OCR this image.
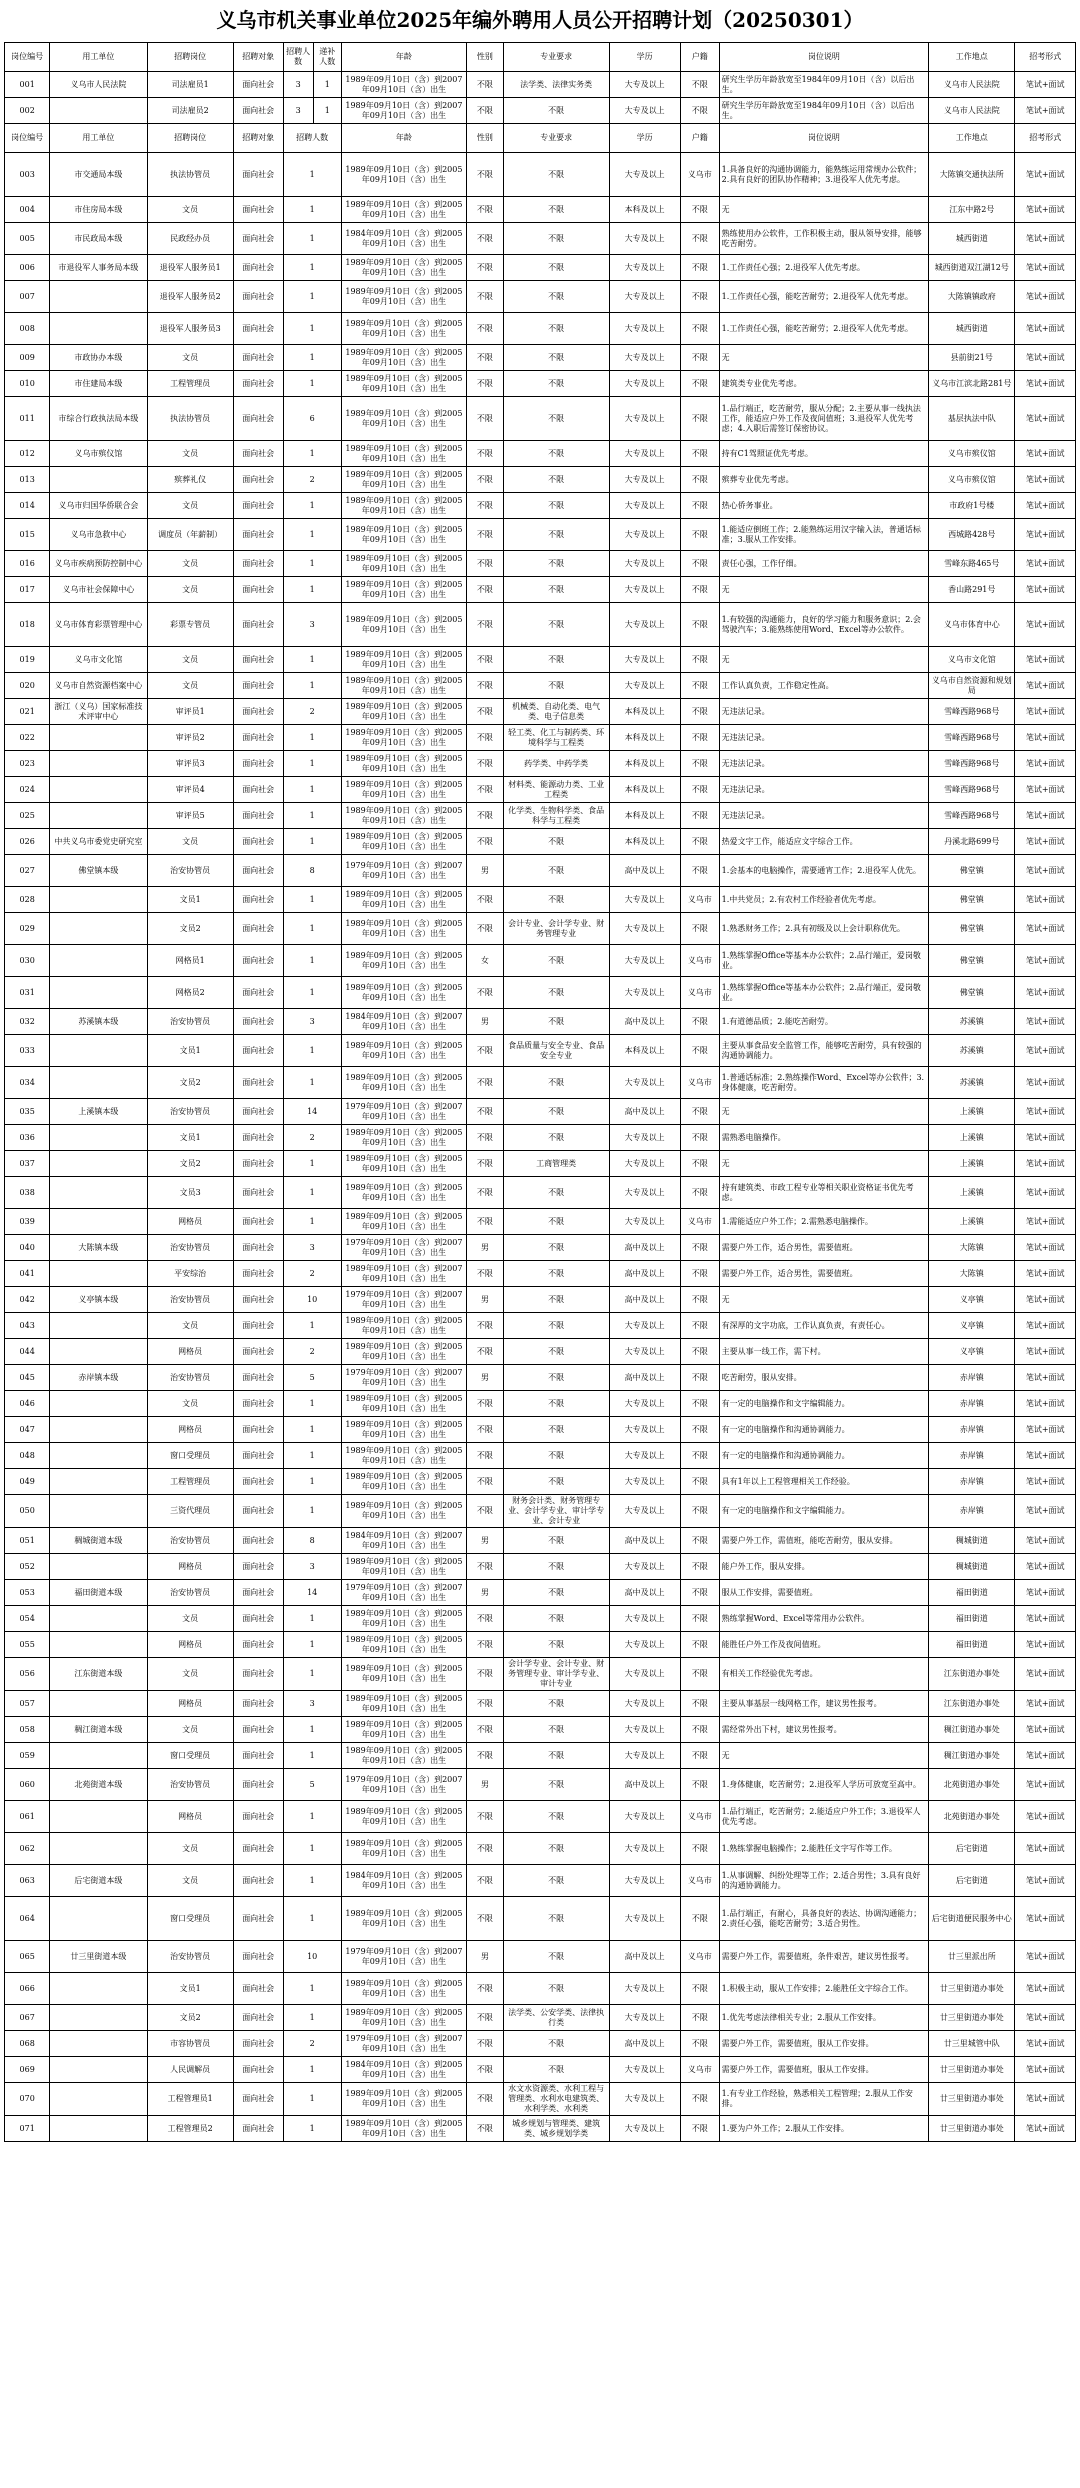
义乌市机关事业单位2025年编外聘用人员公开招聘计划（20250301）
岗位编号	用工单位	招聘岗位	招聘对象	招聘人数	递补人数	年龄	性别	专业要求	学历	户籍	岗位说明	工作地点	招考形式
001	义乌市人民法院	司法雇员1	面向社会	3	1	1989年09月10日（含）到2007年09月10日（含）出生	不限	法学类、法律实务类	大专及以上	不限	研究生学历年龄放宽至1984年09月10日（含）以后出生。	义乌市人民法院	笔试+面试
002		司法雇员2	面向社会	3	1	1989年09月10日（含）到2007年09月10日（含）出生	不限	不限	大专及以上	不限	研究生学历年龄放宽至1984年09月10日（含）以后出生。	义乌市人民法院	笔试+面试
岗位编号	用工单位	招聘岗位	招聘对象	招聘人数		年龄	性别	专业要求	学历	户籍	岗位说明	工作地点	招考形式
003	市交通局本级	执法协管员	面向社会	1		1989年09月10日（含）到2005年09月10日（含）出生	不限	不限	大专及以上	义乌市	1.具备良好的沟通协调能力，能熟练运用常规办公软件；2.具有良好的团队协作精神；3.退役军人优先考虑。	大陈镇交通执法所	笔试+面试
004	市住房局本级	文员	面向社会	1		1989年09月10日（含）到2005年09月10日（含）出生	不限	不限	本科及以上	不限	无	江东中路2号	笔试+面试
005	市民政局本级	民政经办员	面向社会	1		1984年09月10日（含）到2005年09月10日（含）出生	不限	不限	大专及以上	不限	熟练使用办公软件，工作积极主动，服从领导安排，能够吃苦耐劳。	城西街道	笔试+面试
006	市退役军人事务局本级	退役军人服务员1	面向社会	1		1989年09月10日（含）到2005年09月10日（含）出生	不限	不限	大专及以上	不限	1.工作责任心强；2.退役军人优先考虑。	城西街道双江湖12号	笔试+面试
007		退役军人服务员2	面向社会	1		1989年09月10日（含）到2005年09月10日（含）出生	不限	不限	大专及以上	不限	1.工作责任心强，能吃苦耐劳；2.退役军人优先考虑。	大陈镇镇政府	笔试+面试
008		退役军人服务员3	面向社会	1		1989年09月10日（含）到2005年09月10日（含）出生	不限	不限	大专及以上	不限	1.工作责任心强，能吃苦耐劳；2.退役军人优先考虑。	城西街道	笔试+面试
009	市政协办本级	文员	面向社会	1		1989年09月10日（含）到2005年09月10日（含）出生	不限	不限	大专及以上	不限	无	县前街21号	笔试+面试
010	市住建局本级	工程管理员	面向社会	1		1989年09月10日（含）到2005年09月10日（含）出生	不限	不限	大专及以上	不限	建筑类专业优先考虑。	义乌市江滨北路281号	笔试+面试
011	市综合行政执法局本级	执法协管员	面向社会	6		1989年09月10日（含）到2005年09月10日（含）出生	不限	不限	大专及以上	不限	1.品行端正，吃苦耐劳，服从分配；2.主要从事一线执法工作，能适应户外工作及夜间值班；3.退役军人优先考虑；4.入职后需签订保密协议。	基层执法中队	笔试+面试
012	义乌市殡仪馆	文员	面向社会	1		1989年09月10日（含）到2005年09月10日（含）出生	不限	不限	大专及以上	不限	持有C1驾照证优先考虑。	义乌市殡仪馆	笔试+面试
013		殡葬礼仪	面向社会	2		1989年09月10日（含）到2005年09月10日（含）出生	不限	不限	大专及以上	不限	殡葬专业优先考虑。	义乌市殡仪馆	笔试+面试
014	义乌市归国华侨联合会	文员	面向社会	1		1989年09月10日（含）到2005年09月10日（含）出生	不限	不限	大专及以上	不限	热心侨务事业。	市政府1号楼	笔试+面试
015	义乌市急救中心	调度员（年薪制）	面向社会	1		1989年09月10日（含）到2005年09月10日（含）出生	不限	不限	大专及以上	不限	1.能适应倒班工作；2.能熟练运用汉字输入法，普通话标准；3.服从工作安排。	西城路428号	笔试+面试
016	义乌市疾病预防控制中心	文员	面向社会	1		1989年09月10日（含）到2005年09月10日（含）出生	不限	不限	大专及以上	不限	责任心强，工作仔细。	雪峰东路465号	笔试+面试
017	义乌市社会保障中心	文员	面向社会	1		1989年09月10日（含）到2005年09月10日（含）出生	不限	不限	大专及以上	不限	无	香山路291号	笔试+面试
018	义乌市体育彩票管理中心	彩票专管员	面向社会	3		1989年09月10日（含）到2005年09月10日（含）出生	不限	不限	大专及以上	不限	1.有较强的沟通能力，良好的学习能力和服务意识；2.会驾驶汽车；3.能熟练使用Word、Excel等办公软件。	义乌市体育中心	笔试+面试
019	义乌市文化馆	文员	面向社会	1		1989年09月10日（含）到2005年09月10日（含）出生	不限	不限	大专及以上	不限	无	义乌市文化馆	笔试+面试
020	义乌市自然资源档案中心	文员	面向社会	1		1989年09月10日（含）到2005年09月10日（含）出生	不限	不限	大专及以上	不限	工作认真负责，工作稳定性高。	义乌市自然资源和规划局	笔试+面试
021	浙江（义乌）国家标准技术评审中心	审评员1	面向社会	2		1989年09月10日（含）到2005年09月10日（含）出生	不限	机械类、自动化类、电气类、电子信息类	本科及以上	不限	无违法记录。	雪峰西路968号	笔试+面试
022		审评员2	面向社会	1		1989年09月10日（含）到2005年09月10日（含）出生	不限	轻工类、化工与制药类、环境科学与工程类	本科及以上	不限	无违法记录。	雪峰西路968号	笔试+面试
023		审评员3	面向社会	1		1989年09月10日（含）到2005年09月10日（含）出生	不限	药学类、中药学类	本科及以上	不限	无违法记录。	雪峰西路968号	笔试+面试
024		审评员4	面向社会	1		1989年09月10日（含）到2005年09月10日（含）出生	不限	材料类、能源动力类、工业工程类	本科及以上	不限	无违法记录。	雪峰西路968号	笔试+面试
025		审评员5	面向社会	1		1989年09月10日（含）到2005年09月10日（含）出生	不限	化学类、生物科学类、食品科学与工程类	本科及以上	不限	无违法记录。	雪峰西路968号	笔试+面试
026	中共义乌市委党史研究室	文员	面向社会	1		1989年09月10日（含）到2005年09月10日（含）出生	不限	不限	本科及以上	不限	热爱文字工作，能适应文字综合工作。	丹溪北路699号	笔试+面试
027	佛堂镇本级	治安协管员	面向社会	8		1979年09月10日（含）到2007年09月10日（含）出生	男	不限	高中及以上	不限	1.会基本的电脑操作，需要通宵工作；2.退役军人优先。	佛堂镇	笔试+面试
028		文员1	面向社会	1		1989年09月10日（含）到2005年09月10日（含）出生	不限	不限	大专及以上	义乌市	1.中共党员；2.有农村工作经验者优先考虑。	佛堂镇	笔试+面试
029		文员2	面向社会	1		1989年09月10日（含）到2005年09月10日（含）出生	不限	会计专业、会计学专业、财务管理专业	大专及以上	不限	1.熟悉财务工作；2.具有初级及以上会计职称优先。	佛堂镇	笔试+面试
030		网格员1	面向社会	1		1989年09月10日（含）到2005年09月10日（含）出生	女	不限	大专及以上	义乌市	1.熟练掌握Office等基本办公软件；2.品行端正，爱岗敬业。	佛堂镇	笔试+面试
031		网格员2	面向社会	1		1989年09月10日（含）到2005年09月10日（含）出生	不限	不限	大专及以上	义乌市	1.熟练掌握Office等基本办公软件；2.品行端正，爱岗敬业。	佛堂镇	笔试+面试
032	苏溪镇本级	治安协管员	面向社会	3		1984年09月10日（含）到2007年09月10日（含）出生	男	不限	高中及以上	不限	1.有道德品质；2.能吃苦耐劳。	苏溪镇	笔试+面试
033		文员1	面向社会	1		1989年09月10日（含）到2005年09月10日（含）出生	不限	食品质量与安全专业、食品安全专业	本科及以上	不限	主要从事食品安全监管工作，能够吃苦耐劳，具有较强的沟通协调能力。	苏溪镇	笔试+面试
034		文员2	面向社会	1		1989年09月10日（含）到2005年09月10日（含）出生	不限	不限	大专及以上	义乌市	1.普通话标准；2.熟练操作Word、Excel等办公软件；3.身体健康，吃苦耐劳。	苏溪镇	笔试+面试
035	上溪镇本级	治安协管员	面向社会	14		1979年09月10日（含）到2007年09月10日（含）出生	不限	不限	高中及以上	不限	无	上溪镇	笔试+面试
036		文员1	面向社会	2		1989年09月10日（含）到2005年09月10日（含）出生	不限	不限	大专及以上	不限	需熟悉电脑操作。	上溪镇	笔试+面试
037		文员2	面向社会	1		1989年09月10日（含）到2005年09月10日（含）出生	不限	工商管理类	大专及以上	不限	无	上溪镇	笔试+面试
038		文员3	面向社会	1		1989年09月10日（含）到2005年09月10日（含）出生	不限	不限	大专及以上	不限	持有建筑类、市政工程专业等相关职业资格证书优先考虑。	上溪镇	笔试+面试
039		网格员	面向社会	1		1989年09月10日（含）到2005年09月10日（含）出生	不限	不限	大专及以上	义乌市	1.需能适应户外工作；2.需熟悉电脑操作。	上溪镇	笔试+面试
040	大陈镇本级	治安协管员	面向社会	3		1979年09月10日（含）到2007年09月10日（含）出生	男	不限	高中及以上	不限	需要户外工作，适合男性，需要值班。	大陈镇	笔试+面试
041		平安综治	面向社会	2		1989年09月10日（含）到2007年09月10日（含）出生	不限	不限	高中及以上	不限	需要户外工作，适合男性，需要值班。	大陈镇	笔试+面试
042	义亭镇本级	治安协管员	面向社会	10		1979年09月10日（含）到2007年09月10日（含）出生	男	不限	高中及以上	不限	无	义亭镇	笔试+面试
043		文员	面向社会	1		1989年09月10日（含）到2005年09月10日（含）出生	不限	不限	大专及以上	不限	有深厚的文字功底，工作认真负责，有责任心。	义亭镇	笔试+面试
044		网格员	面向社会	2		1989年09月10日（含）到2005年09月10日（含）出生	不限	不限	大专及以上	不限	主要从事一线工作，需下村。	义亭镇	笔试+面试
045	赤岸镇本级	治安协管员	面向社会	5		1979年09月10日（含）到2007年09月10日（含）出生	男	不限	高中及以上	不限	吃苦耐劳，服从安排。	赤岸镇	笔试+面试
046		文员	面向社会	1		1989年09月10日（含）到2005年09月10日（含）出生	不限	不限	大专及以上	不限	有一定的电脑操作和文字编辑能力。	赤岸镇	笔试+面试
047		网格员	面向社会	1		1989年09月10日（含）到2005年09月10日（含）出生	不限	不限	大专及以上	不限	有一定的电脑操作和沟通协调能力。	赤岸镇	笔试+面试
048		窗口受理员	面向社会	1		1989年09月10日（含）到2005年09月10日（含）出生	不限	不限	大专及以上	不限	有一定的电脑操作和沟通协调能力。	赤岸镇	笔试+面试
049		工程管理员	面向社会	1		1989年09月10日（含）到2005年09月10日（含）出生	不限	不限	大专及以上	不限	具有1年以上工程管理相关工作经验。	赤岸镇	笔试+面试
050		三资代理员	面向社会	1		1989年09月10日（含）到2005年09月10日（含）出生	不限	财务会计类、财务管理专业、会计学专业、审计学专业、会计专业	大专及以上	不限	有一定的电脑操作和文字编辑能力。	赤岸镇	笔试+面试
051	稠城街道本级	治安协管员	面向社会	8		1984年09月10日（含）到2007年09月10日（含）出生	男	不限	高中及以上	不限	需要户外工作，需值班，能吃苦耐劳，服从安排。	稠城街道	笔试+面试
052		网格员	面向社会	3		1989年09月10日（含）到2005年09月10日（含）出生	不限	不限	大专及以上	不限	能户外工作，服从安排。	稠城街道	笔试+面试
053	福田街道本级	治安协管员	面向社会	14		1979年09月10日（含）到2007年09月10日（含）出生	男	不限	高中及以上	不限	服从工作安排，需要值班。	福田街道	笔试+面试
054		文员	面向社会	1		1989年09月10日（含）到2005年09月10日（含）出生	不限	不限	大专及以上	不限	熟练掌握Word、Excel等常用办公软件。	福田街道	笔试+面试
055		网格员	面向社会	1		1989年09月10日（含）到2005年09月10日（含）出生	不限	不限	大专及以上	不限	能胜任户外工作及夜间值班。	福田街道	笔试+面试
056	江东街道本级	文员	面向社会	1		1989年09月10日（含）到2005年09月10日（含）出生	不限	会计学专业、会计专业、财务管理专业、审计学专业、审计专业	大专及以上	不限	有相关工作经验优先考虑。	江东街道办事处	笔试+面试
057		网格员	面向社会	3		1989年09月10日（含）到2005年09月10日（含）出生	不限	不限	大专及以上	不限	主要从事基层一线网格工作，建议男性报考。	江东街道办事处	笔试+面试
058	稠江街道本级	文员	面向社会	1		1989年09月10日（含）到2005年09月10日（含）出生	不限	不限	大专及以上	不限	需经常外出下村，建议男性报考。	稠江街道办事处	笔试+面试
059		窗口受理员	面向社会	1		1989年09月10日（含）到2005年09月10日（含）出生	不限	不限	大专及以上	不限	无	稠江街道办事处	笔试+面试
060	北苑街道本级	治安协管员	面向社会	5		1979年09月10日（含）到2007年09月10日（含）出生	男	不限	高中及以上	不限	1.身体健康，吃苦耐劳；2.退役军人学历可放宽至高中。	北苑街道办事处	笔试+面试
061		网格员	面向社会	1		1989年09月10日（含）到2005年09月10日（含）出生	不限	不限	大专及以上	义乌市	1.品行端正，吃苦耐劳；2.能适应户外工作；3.退役军人优先考虑。	北苑街道办事处	笔试+面试
062		文员	面向社会	1		1989年09月10日（含）到2005年09月10日（含）出生	不限	不限	大专及以上	不限	1.熟练掌握电脑操作；2.能胜任文字写作等工作。	后宅街道	笔试+面试
063	后宅街道本级	文员	面向社会	1		1984年09月10日（含）到2005年09月10日（含）出生	不限	不限	大专及以上	义乌市	1.从事调解、纠纷处理等工作；2.适合男性；3.具有良好的沟通协调能力。	后宅街道	笔试+面试
064		窗口受理员	面向社会	1		1989年09月10日（含）到2005年09月10日（含）出生	不限	不限	大专及以上	不限	1.品行端正，有耐心，具备良好的表达、协调沟通能力；2.责任心强，能吃苦耐劳；3.适合男性。	后宅街道便民服务中心	笔试+面试
065	廿三里街道本级	治安协管员	面向社会	10		1979年09月10日（含）到2007年09月10日（含）出生	男	不限	高中及以上	义乌市	需要户外工作，需要值班，条件艰苦，建议男性报考。	廿三里派出所	笔试+面试
066		文员1	面向社会	1		1989年09月10日（含）到2005年09月10日（含）出生	不限	不限	大专及以上	不限	1.积极主动，服从工作安排；2.能胜任文字综合工作。	廿三里街道办事处	笔试+面试
067		文员2	面向社会	1		1989年09月10日（含）到2005年09月10日（含）出生	不限	法学类、公安学类、法律执行类	大专及以上	不限	1.优先考虑法律相关专业；2.服从工作安排。	廿三里街道办事处	笔试+面试
068		市容协管员	面向社会	2		1979年09月10日（含）到2007年09月10日（含）出生	不限	不限	高中及以上	不限	需要户外工作，需要值班，服从工作安排。	廿三里城管中队	笔试+面试
069		人民调解员	面向社会	1		1984年09月10日（含）到2005年09月10日（含）出生	不限	不限	大专及以上	义乌市	需要户外工作，需要值班，服从工作安排。	廿三里街道办事处	笔试+面试
070		工程管理员1	面向社会	1		1989年09月10日（含）到2005年09月10日（含）出生	不限	水文水资源类、水利工程与管理类、水利水电建筑类、水利学类、水利类	大专及以上	不限	1.有专业工作经验，熟悉相关工程管理；2.服从工作安排。	廿三里街道办事处	笔试+面试
071		工程管理员2	面向社会	1		1989年09月10日（含）到2005年09月10日（含）出生	不限	城乡规划与管理类、建筑类、城乡规划学类	大专及以上	不限	1.要为户外工作；2.服从工作安排。	廿三里街道办事处	笔试+面试
